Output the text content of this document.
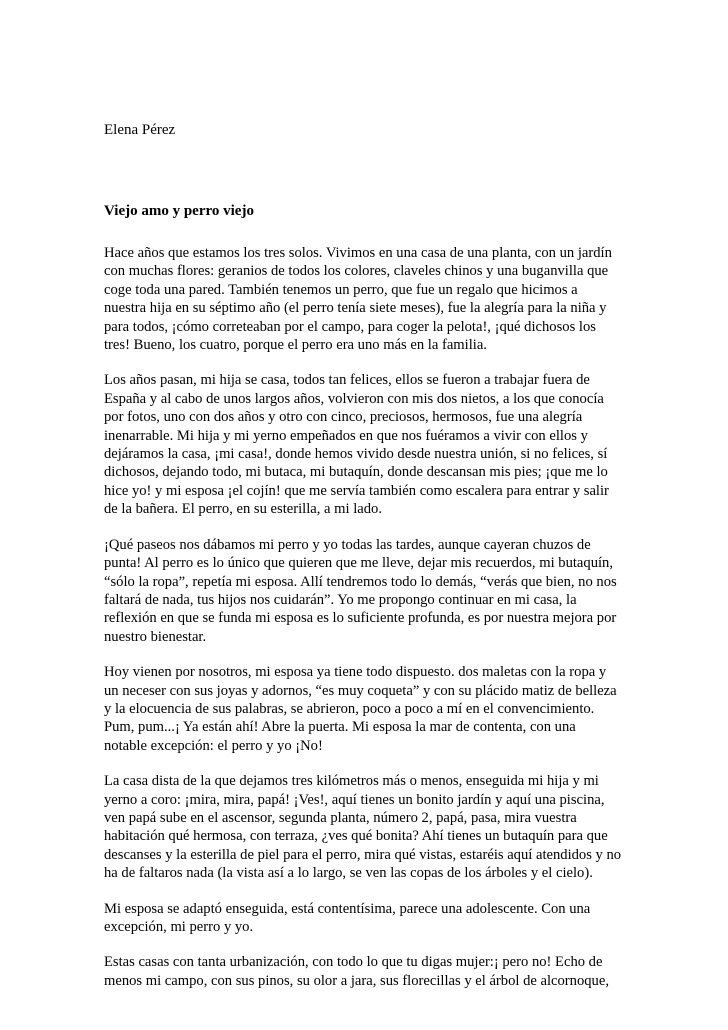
Elena Pérez
Viejo amo y perro viejo
Hace años que estamos los tres solos. Vivimos en una casa de una planta, con un jardín
con muchas flores: geranios de todos los colores, claveles chinos y una buganvilla que
coge toda una pared. También tenemos un perro, que fue un regalo que hicimos a
nuestra hija en su séptimo año (el perro tenía siete meses), fue la alegría para la niña y
para todos, ¡cómo correteaban por el campo, para coger la pelota!, ¡qué dichosos los
tres! Bueno, los cuatro, porque el perro era uno más en la familia.
Los años pasan, mi hija se casa, todos tan felices, ellos se fueron a trabajar fuera de
España y al cabo de unos largos años, volvieron con mis dos nietos, a los que conocía
por fotos, uno con dos años y otro con cinco, preciosos, hermosos, fue una alegría
inenarrable. Mi hija y mi yerno empeñados en que nos fuéramos a vivir con ellos y
dejáramos la casa, ¡mi casa!, donde hemos vivido desde nuestra unión, si no felices, sí
dichosos, dejando todo, mi butaca, mi butaquín, donde descansan mis pies; ¡que me lo
hice yo! y mi esposa ¡el cojín! que me servía también como escalera para entrar y salir
de la bañera. El perro, en su esterilla, a mi lado.
¡Qué paseos nos dábamos mi perro y yo todas las tardes, aunque cayeran chuzos de
punta! Al perro es lo único que quieren que me lleve, dejar mis recuerdos, mi butaquín,
“sólo la ropa”, repetía mi esposa. Allí tendremos todo lo demás, “verás que bien, no nos
faltará de nada, tus hijos nos cuidarán”. Yo me propongo continuar en mi casa, la
reflexión en que se funda mi esposa es lo suficiente profunda, es por nuestra mejora por
nuestro bienestar.
Hoy vienen por nosotros, mi esposa ya tiene todo dispuesto. dos maletas con la ropa y
un neceser con sus joyas y adornos, “es muy coqueta” y con su plácido matiz de belleza
y la elocuencia de sus palabras, se abrieron, poco a poco a mí en el convencimiento.
Pum, pum...¡ Ya están ahí! Abre la puerta. Mi esposa la mar de contenta, con una
notable excepción: el perro y yo ¡No!
La casa dista de la que dejamos tres kilómetros más o menos, enseguida mi hija y mi
yerno a coro: ¡mira, mira, papá! ¡Ves!, aquí tienes un bonito jardín y aquí una piscina,
ven papá sube en el ascensor, segunda planta, número 2, papá, pasa, mira vuestra
habitación qué hermosa, con terraza, ¿ves qué bonita? Ahí tienes un butaquín para que
descanses y la esterilla de piel para el perro, mira qué vistas, estaréis aquí atendidos y no
ha de faltaros nada (la vista así a lo largo, se ven las copas de los árboles y el cielo).
Mi esposa se adaptó enseguida, está contentísima, parece una adolescente. Con una
excepción, mi perro y yo.
Estas casas con tanta urbanización, con todo lo que tu digas mujer:¡ pero no! Echo de
menos mi campo, con sus pinos, su olor a jara, sus florecillas y el árbol de alcornoque,
